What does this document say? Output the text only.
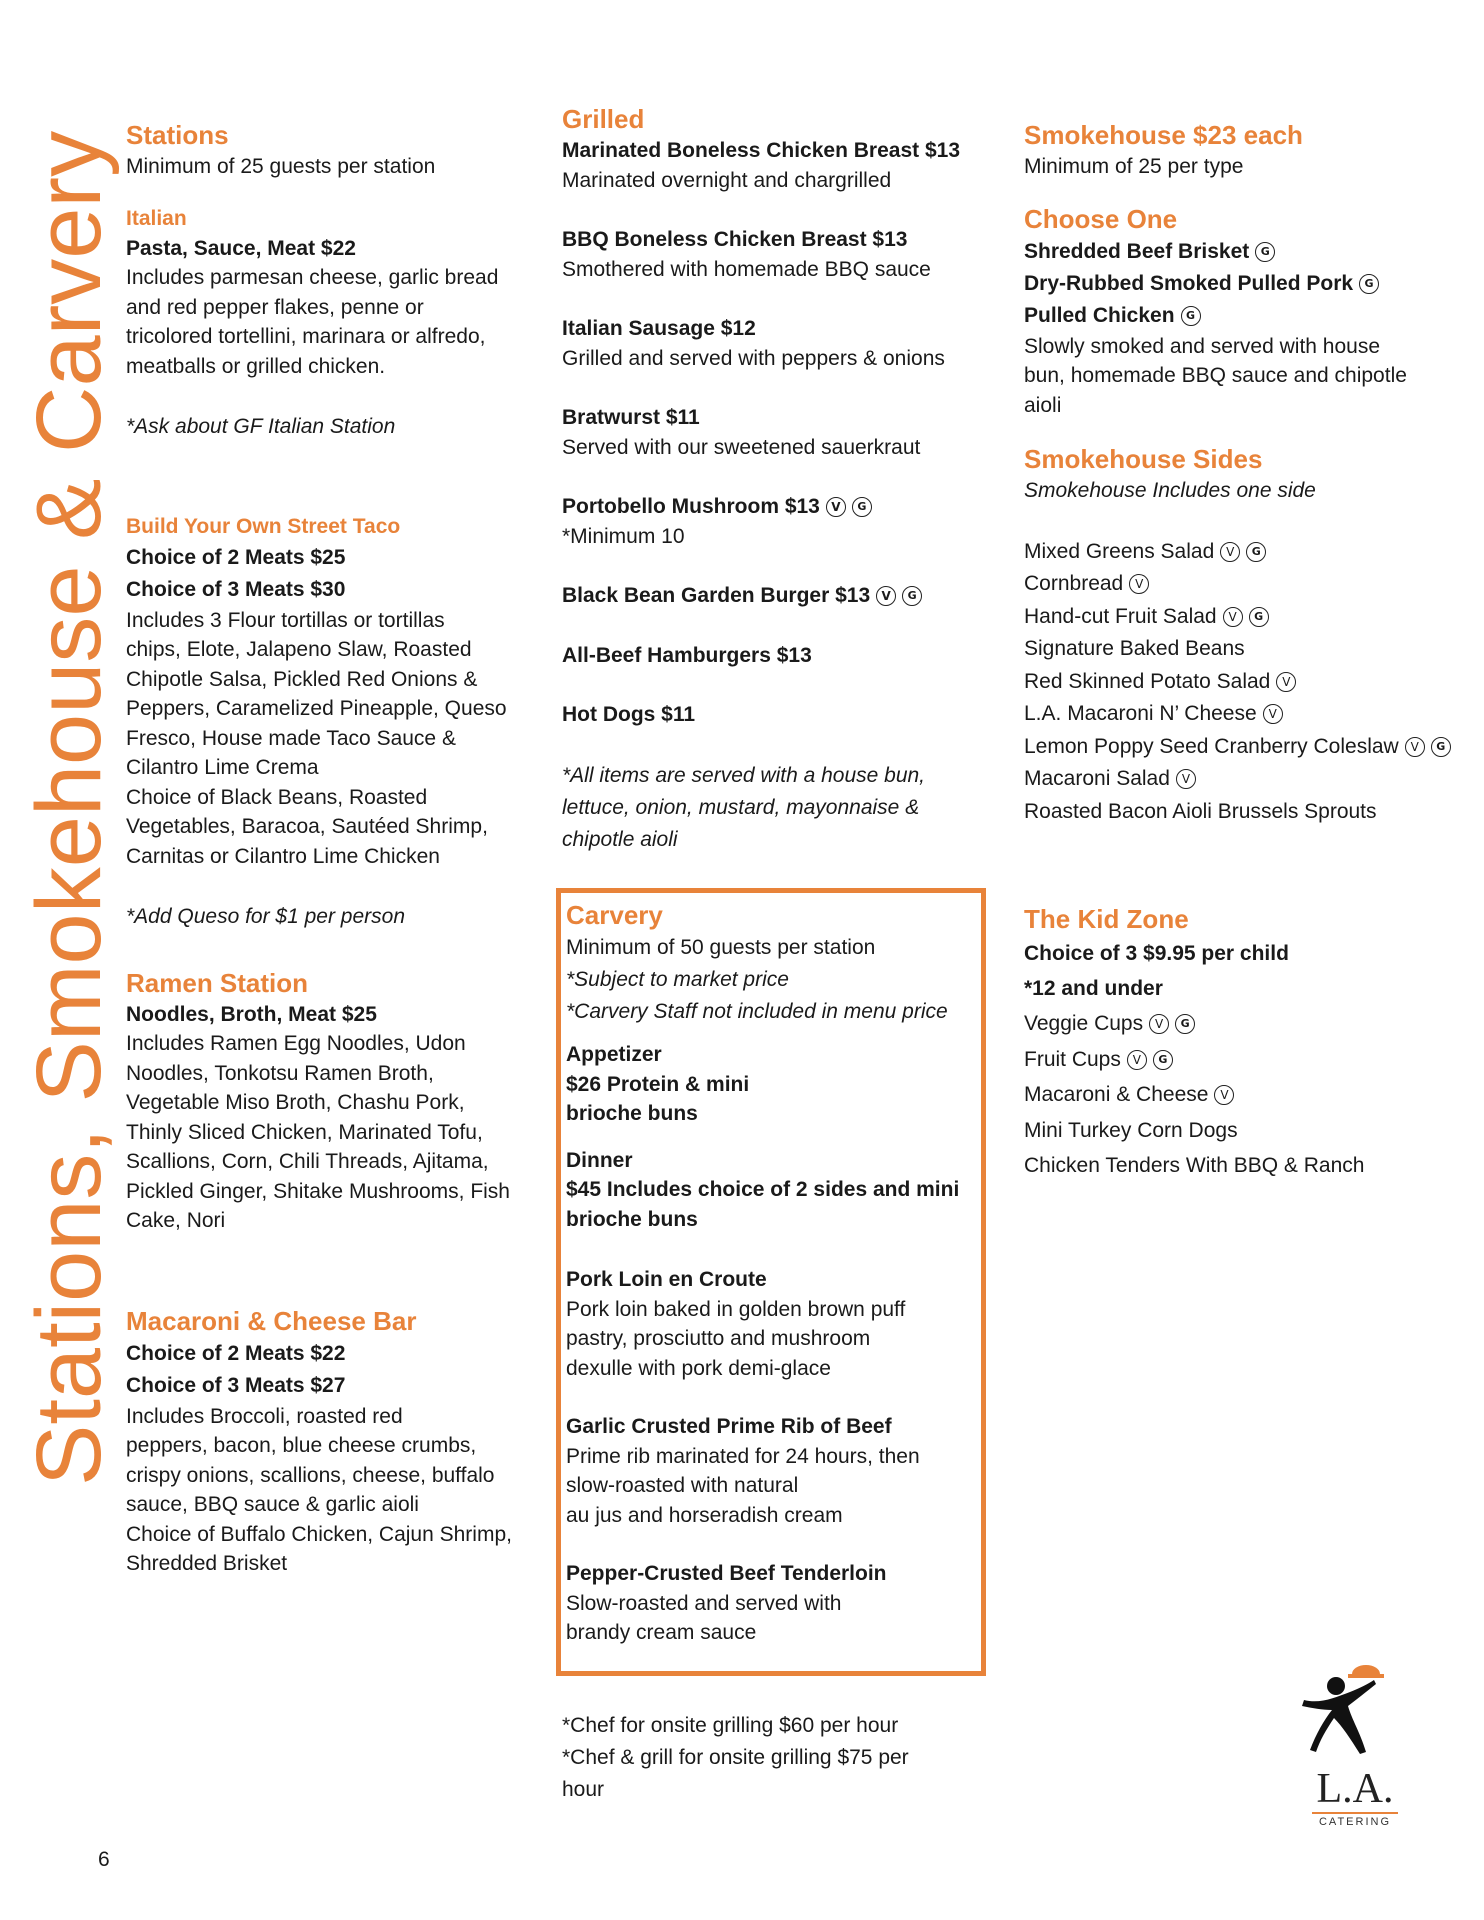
Stations, Smokehouse & Carvery Stations
Minimum of 25 guests per station
Italian
Pasta, Sauce, Meat $22
Includes parmesan cheese, garlic bread
and red pepper flakes, penne or
tricolored tortellini, marinara or alfredo,
meatballs or grilled chicken.
*Ask about GF Italian Station
Build Your Own Street Taco
Choice of 2 Meats $25
Choice of 3 Meats $30
Includes 3 Flour tortillas or tortillas
chips, Elote, Jalapeno Slaw, Roasted
Chipotle Salsa, Pickled Red Onions &
Peppers, Caramelized Pineapple, Queso
Fresco, House made Taco Sauce &
Cilantro Lime Crema
Choice of Black Beans, Roasted
Vegetables, Baracoa, Sautéed Shrimp,
Carnitas or Cilantro Lime Chicken
*Add Queso for $1 per person
Ramen Station
Noodles, Broth, Meat $25
Includes Ramen Egg Noodles, Udon
Noodles, Tonkotsu Ramen Broth,
Vegetable Miso Broth, Chashu Pork,
Thinly Sliced Chicken, Marinated Tofu,
Scallions, Corn, Chili Threads, Ajitama,
Pickled Ginger, Shitake Mushrooms, Fish
Cake, Nori
Macaroni & Cheese Bar
Choice of 2 Meats $22
Choice of 3 Meats $27
Includes Broccoli, roasted red
peppers, bacon, blue cheese crumbs,
crispy onions, scallions, cheese, buffalo
sauce, BBQ sauce & garlic aioli
Choice of Buffalo Chicken, Cajun Shrimp,
Shredded Brisket
Grilled
Marinated Boneless Chicken Breast $13
Marinated overnight and chargrilled
BBQ Boneless Chicken Breast $13
Smothered with homemade BBQ sauce
Italian Sausage $12
Grilled and served with peppers & onions
Bratwurst $11
Served with our sweetened sauerkraut
Portobello Mushroom $13 V G
*Minimum 10
Black Bean Garden Burger $13 V G
All-Beef Hamburgers $13
Hot Dogs $11
*All items are served with a house bun,
lettuce, onion, mustard, mayonnaise &
chipotle aioli
Carvery
Minimum of 50 guests per station
*Subject to market price
*Carvery Staff not included in menu price
Appetizer
$26 Protein & mini
brioche buns
Dinner
$45 Includes choice of 2 sides and mini
brioche buns
Pork Loin en Croute
Pork loin baked in golden brown puff
pastry, prosciutto and mushroom
dexulle with pork demi-glace
Garlic Crusted Prime Rib of Beef
Prime rib marinated for 24 hours, then
slow-roasted with natural
au jus and horseradish cream
Pepper-Crusted Beef Tenderloin
Slow-roasted and served with
brandy cream sauce
*Chef for onsite grilling $60 per hour
*Chef & grill for onsite grilling $75 per
hour
Smokehouse $23 each
Minimum of 25 per type
Choose One
Shredded Beef Brisket G
Dry-Rubbed Smoked Pulled Pork G
Pulled Chicken G
Slowly smoked and served with house
bun, homemade BBQ sauce and chipotle
aioli
Smokehouse Sides
Smokehouse Includes one side
Mixed Greens Salad V G
Cornbread V
Hand-cut Fruit Salad V G
Signature Baked Beans
Red Skinned Potato Salad V
L.A. Macaroni N’ Cheese V
Lemon Poppy Seed Cranberry Coleslaw V G
Macaroni Salad V
Roasted Bacon Aioli Brussels Sprouts
The Kid Zone
Choice of 3 $9.95 per child
*12 and under
Veggie Cups V G
Fruit Cups V G
Macaroni & Cheese V
Mini Turkey Corn Dogs
Chicken Tenders With BBQ & Ranch
L.A.
CATERING
6
